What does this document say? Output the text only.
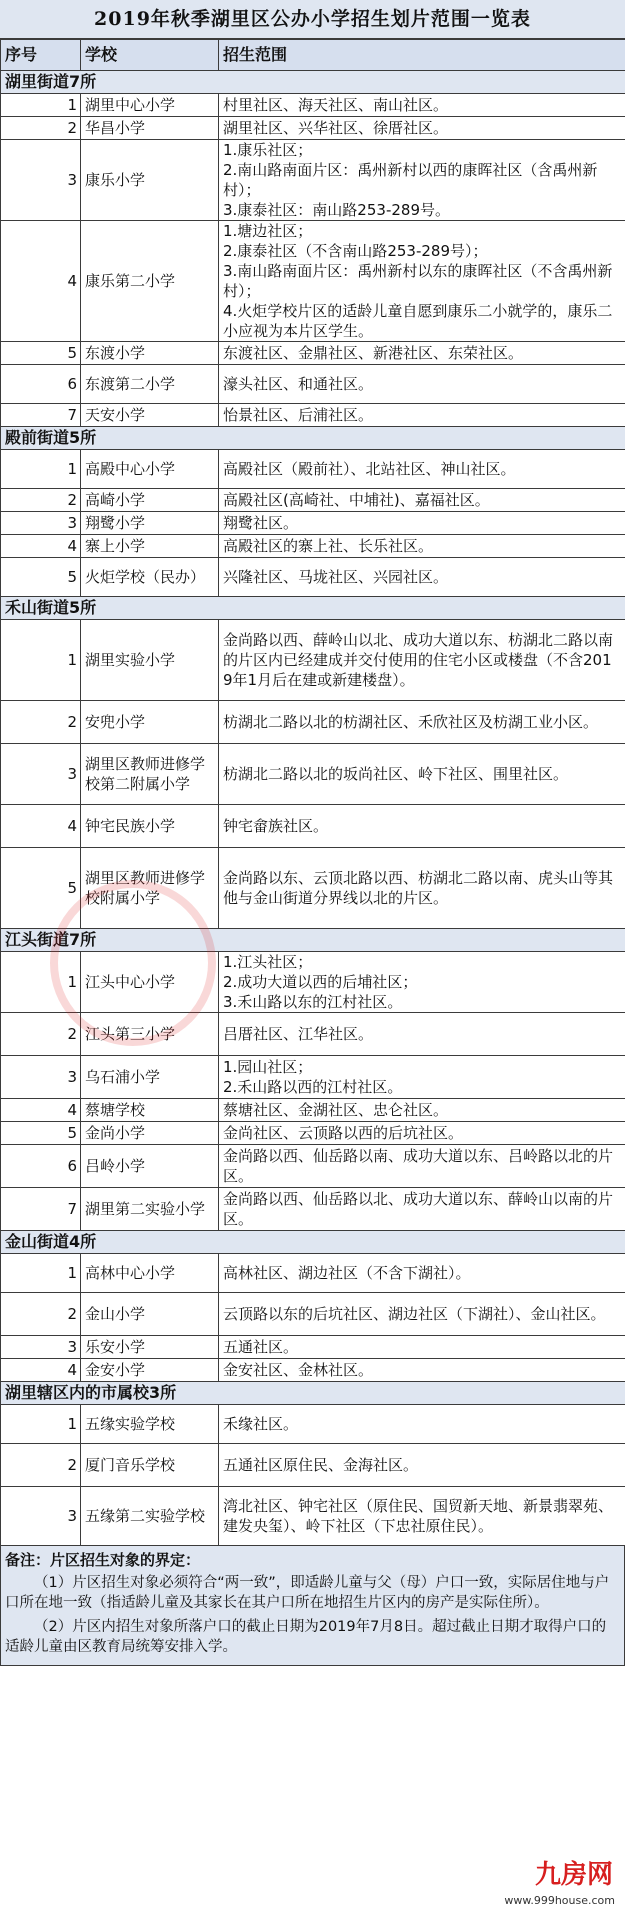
2019年秋季湖里区公办小学招生划片范围一览表
序号	学校	招生范围
湖里街道7所		
1	湖里中心小学	村里社区、海天社区、南山社区。

2	华昌小学	湖里社区、兴华社区、徐厝社区。

3	康乐小学	1.康乐社区；
2.南山路南面片区：禹州新村以西的康晖社区（含禹州新村）；
3.康泰社区：南山路253-289号。

4	康乐第二小学	1.塘边社区；
2.康泰社区（不含南山路253-289号）；
3.南山路南面片区：禹州新村以东的康晖社区（不含禹州新村）；
4.火炬学校片区的适龄儿童自愿到康乐二小就学的，康乐二小应视为本片区学生。

5	东渡小学	东渡社区、金鼎社区、新港社区、东荣社区。

6	东渡第二小学	濠头社区、和通社区。

7	天安小学	怡景社区、后浦社区。

殿前街道5所		
1	高殿中心小学	高殿社区（殿前社）、北站社区、神山社区。

2	高崎小学	高殿社区(高崎社、中埔社)、嘉福社区。

3	翔鹭小学	翔鹭社区。

4	寨上小学	高殿社区的寨上社、长乐社区。

5	火炬学校（民办）	兴隆社区、马垅社区、兴园社区。

禾山街道5所		
1	湖里实验小学	金尚路以西、薛岭山以北、成功大道以东、枋湖北二路以南的片区内已经建成并交付使用的住宅小区或楼盘（不含2019年1月后在建或新建楼盘）。

2	安兜小学	枋湖北二路以北的枋湖社区、禾欣社区及枋湖工业小区。

3	湖里区教师进修学校第二附属小学	枋湖北二路以北的坂尚社区、岭下社区、围里社区。

4	钟宅民族小学	钟宅畲族社区。

5	湖里区教师进修学校附属小学	金尚路以东、云顶北路以西、枋湖北二路以南、虎头山等其他与金山街道分界线以北的片区。

江头街道7所		
1	江头中心小学	1.江头社区；
2.成功大道以西的后埔社区；
3.禾山路以东的江村社区。

2	江头第三小学	吕厝社区、江华社区。

3	乌石浦小学	1.园山社区；
2.禾山路以西的江村社区。

4	蔡塘学校	蔡塘社区、金湖社区、忠仑社区。

5	金尚小学	金尚社区、云顶路以西的后坑社区。

6	吕岭小学	金尚路以西、仙岳路以南、成功大道以东、吕岭路以北的片区。

7	湖里第二实验小学	金尚路以西、仙岳路以北、成功大道以东、薛岭山以南的片区。

金山街道4所		
1	高林中心小学	高林社区、湖边社区（不含下湖社）。

2	金山小学	云顶路以东的后坑社区、湖边社区（下湖社）、金山社区。

3	乐安小学	五通社区。

4	金安小学	金安社区、金林社区。

湖里辖区内的市属校3所		
1	五缘实验学校	禾缘社区。

2	厦门音乐学校	五通社区原住民、金海社区。

3	五缘第二实验学校	湾北社区、钟宅社区（原住民、国贸新天地、新景翡翠苑、建发央玺）、岭下社区（下忠社原住民）。
备注：片区招生对象的界定：
（1）片区招生对象必须符合“两一致”，即适龄儿童与父（母）户口一致，实际居住地与户口所在地一致（指适龄儿童及其家长在其户口所在地招生片区内的房产是实际住所）。
（2）片区内招生对象所落户口的截止日期为2019年7月8日。超过截止日期才取得户口的适龄儿童由区教育局统筹安排入学。
九房网
www.999house.com
